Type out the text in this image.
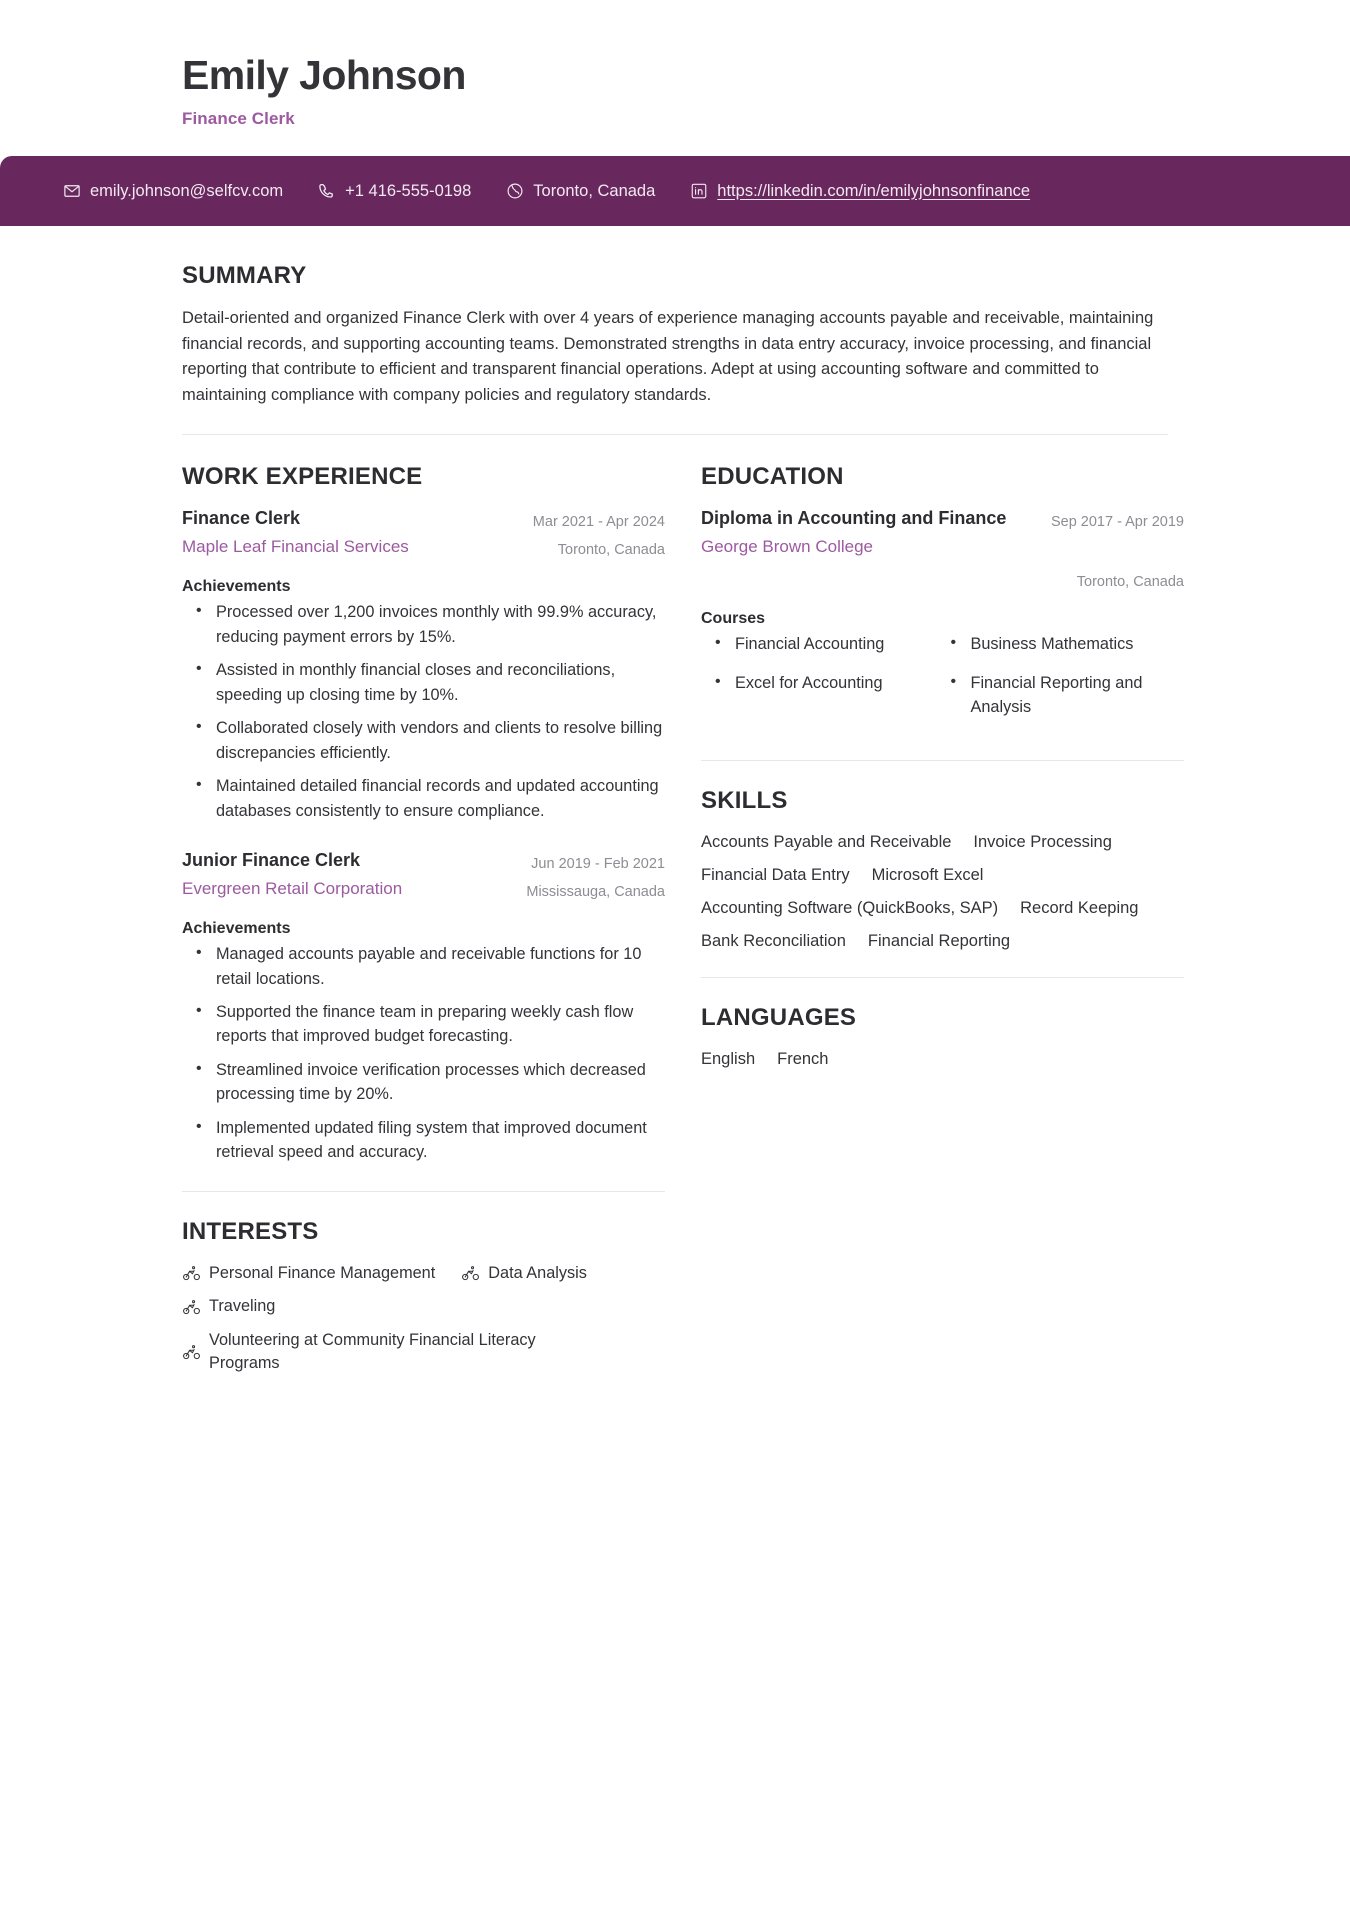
Emily Johnson

Finance Clerk

emily.johnson@selfcv.com	+1 416-555-0198	Toronto, Canada	https://linkedin.com/in/emilyjohnsonfinance
SUMMARY

Detail-oriented and organized Finance Clerk with over 4 years of experience managing accounts payable and receivable, maintaining financial records, and supporting accounting teams. Demonstrated strengths in data entry accuracy, invoice processing, and financial reporting that contribute to efficient and transparent financial operations. Adept at using accounting software and committed to maintaining compliance with company policies and regulatory standards.

WORK EXPERIENCE
Finance Clerk
Maple Leaf Financial Services
Mar 2021 - Apr 2024
Toronto, Canada
Achievements
• Processed over 1,200 invoices monthly with 99.9% accuracy, reducing payment errors by 15%.
• Assisted in monthly financial closes and reconciliations, speeding up closing time by 10%.
• Collaborated closely with vendors and clients to resolve billing discrepancies efficiently.
• Maintained detailed financial records and updated accounting databases consistently to ensure compliance.
Junior Finance Clerk
Evergreen Retail Corporation
Jun 2019 - Feb 2021
Mississauga, Canada
Achievements
• Managed accounts payable and receivable functions for 10 retail locations.
• Supported the finance team in preparing weekly cash flow reports that improved budget forecasting.
• Streamlined invoice verification processes which decreased processing time by 20%.
• Implemented updated filing system that improved document retrieval speed and accuracy.
INTERESTS
Personal Finance Management	Data Analysis
Traveling
Volunteering at Community Financial Literacy Programs
EDUCATION
Diploma in Accounting and Finance
George Brown College
Sep 2017 - Apr 2019
Toronto, Canada
Courses
• Financial Accounting	• Business Mathematics
• Excel for Accounting	• Financial Reporting and Analysis
SKILLS
Accounts Payable and Receivable Invoice Processing
Financial Data Entry Microsoft Excel
Accounting Software (QuickBooks, SAP) Record Keeping
Bank Reconciliation Financial Reporting
LANGUAGES
English French
